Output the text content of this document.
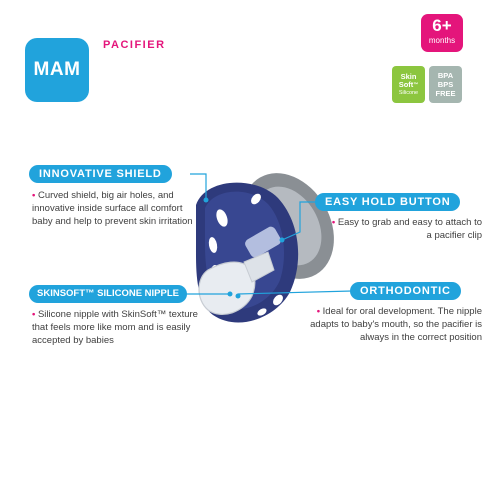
MAM
PACIFIER
6+
months
Skin
Soft™
Silicone
BPA
BPS
FREE
INNOVATIVE SHIELD
• Curved shield, big air holes, and innovative inside surface all comfort baby and help to prevent skin irritation
EASY HOLD BUTTON
• Easy to grab and easy to attach to a pacifier clip
SKINSOFT™ SILICONE NIPPLE
• Silicone nipple with SkinSoft™ texture that feels more like mom and is easily accepted by babies
ORTHODONTIC
• Ideal for oral development. The nipple adapts to baby's mouth, so the pacifier is always in the correct position
